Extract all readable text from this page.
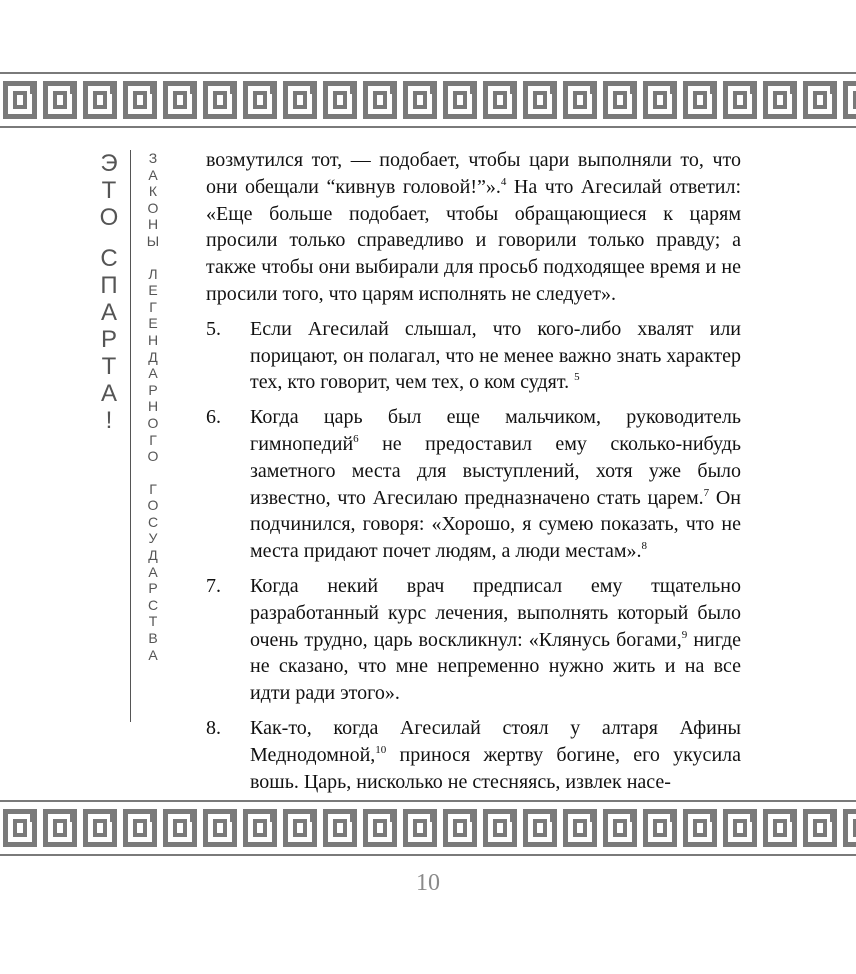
Э
Т
О
С
П
А
Р
Т
А
!
З
А
К
О
Н
Ы
Л
Е
Г
Е
Н
Д
А
Р
Н
О
Г
О
Г
О
С
У
Д
А
Р
С
Т
В
А

возмутился тот, — подобает, чтобы цари выполняли то, что они обещали “кивнув головой!”».$^4$ На что Агесилай ответил: «Еще больше подобает, чтобы обращающиеся к царям просили только справедливо и говорили только правду; а также чтобы они выбирали для просьб подходящее время и не просили того, что царям исполнять не следует».

5. Если Агесилай слышал, что кого-либо хвалят или порицают, он полагал, что не менее важно знать характер тех, кто говорит, чем тех, о ком судят. $^5$

6. Когда царь был еще мальчиком, руководитель гимнопедий$^6$ не предоставил ему сколько-нибудь заметного места для выступлений, хотя уже было известно, что Агесилаю предназначено стать царем.$^7$ Он подчинился, говоря: «Хорошо, я сумею показать, что не места придают почет людям, а люди местам».$^8$

7. Когда некий врач предписал ему тщательно разработанный курс лечения, выполнять который было очень трудно, царь воскликнул: «Клянусь богами,$^9$ нигде не сказано, что мне непременно нужно жить и на все идти ради этого».

8. Как-то, когда Агесилай стоял у алтаря Афины Меднодомной,$^{10}$ принося жертву богине, его укусила вошь. Царь, нисколько не стесняясь, извлек насе-

10
